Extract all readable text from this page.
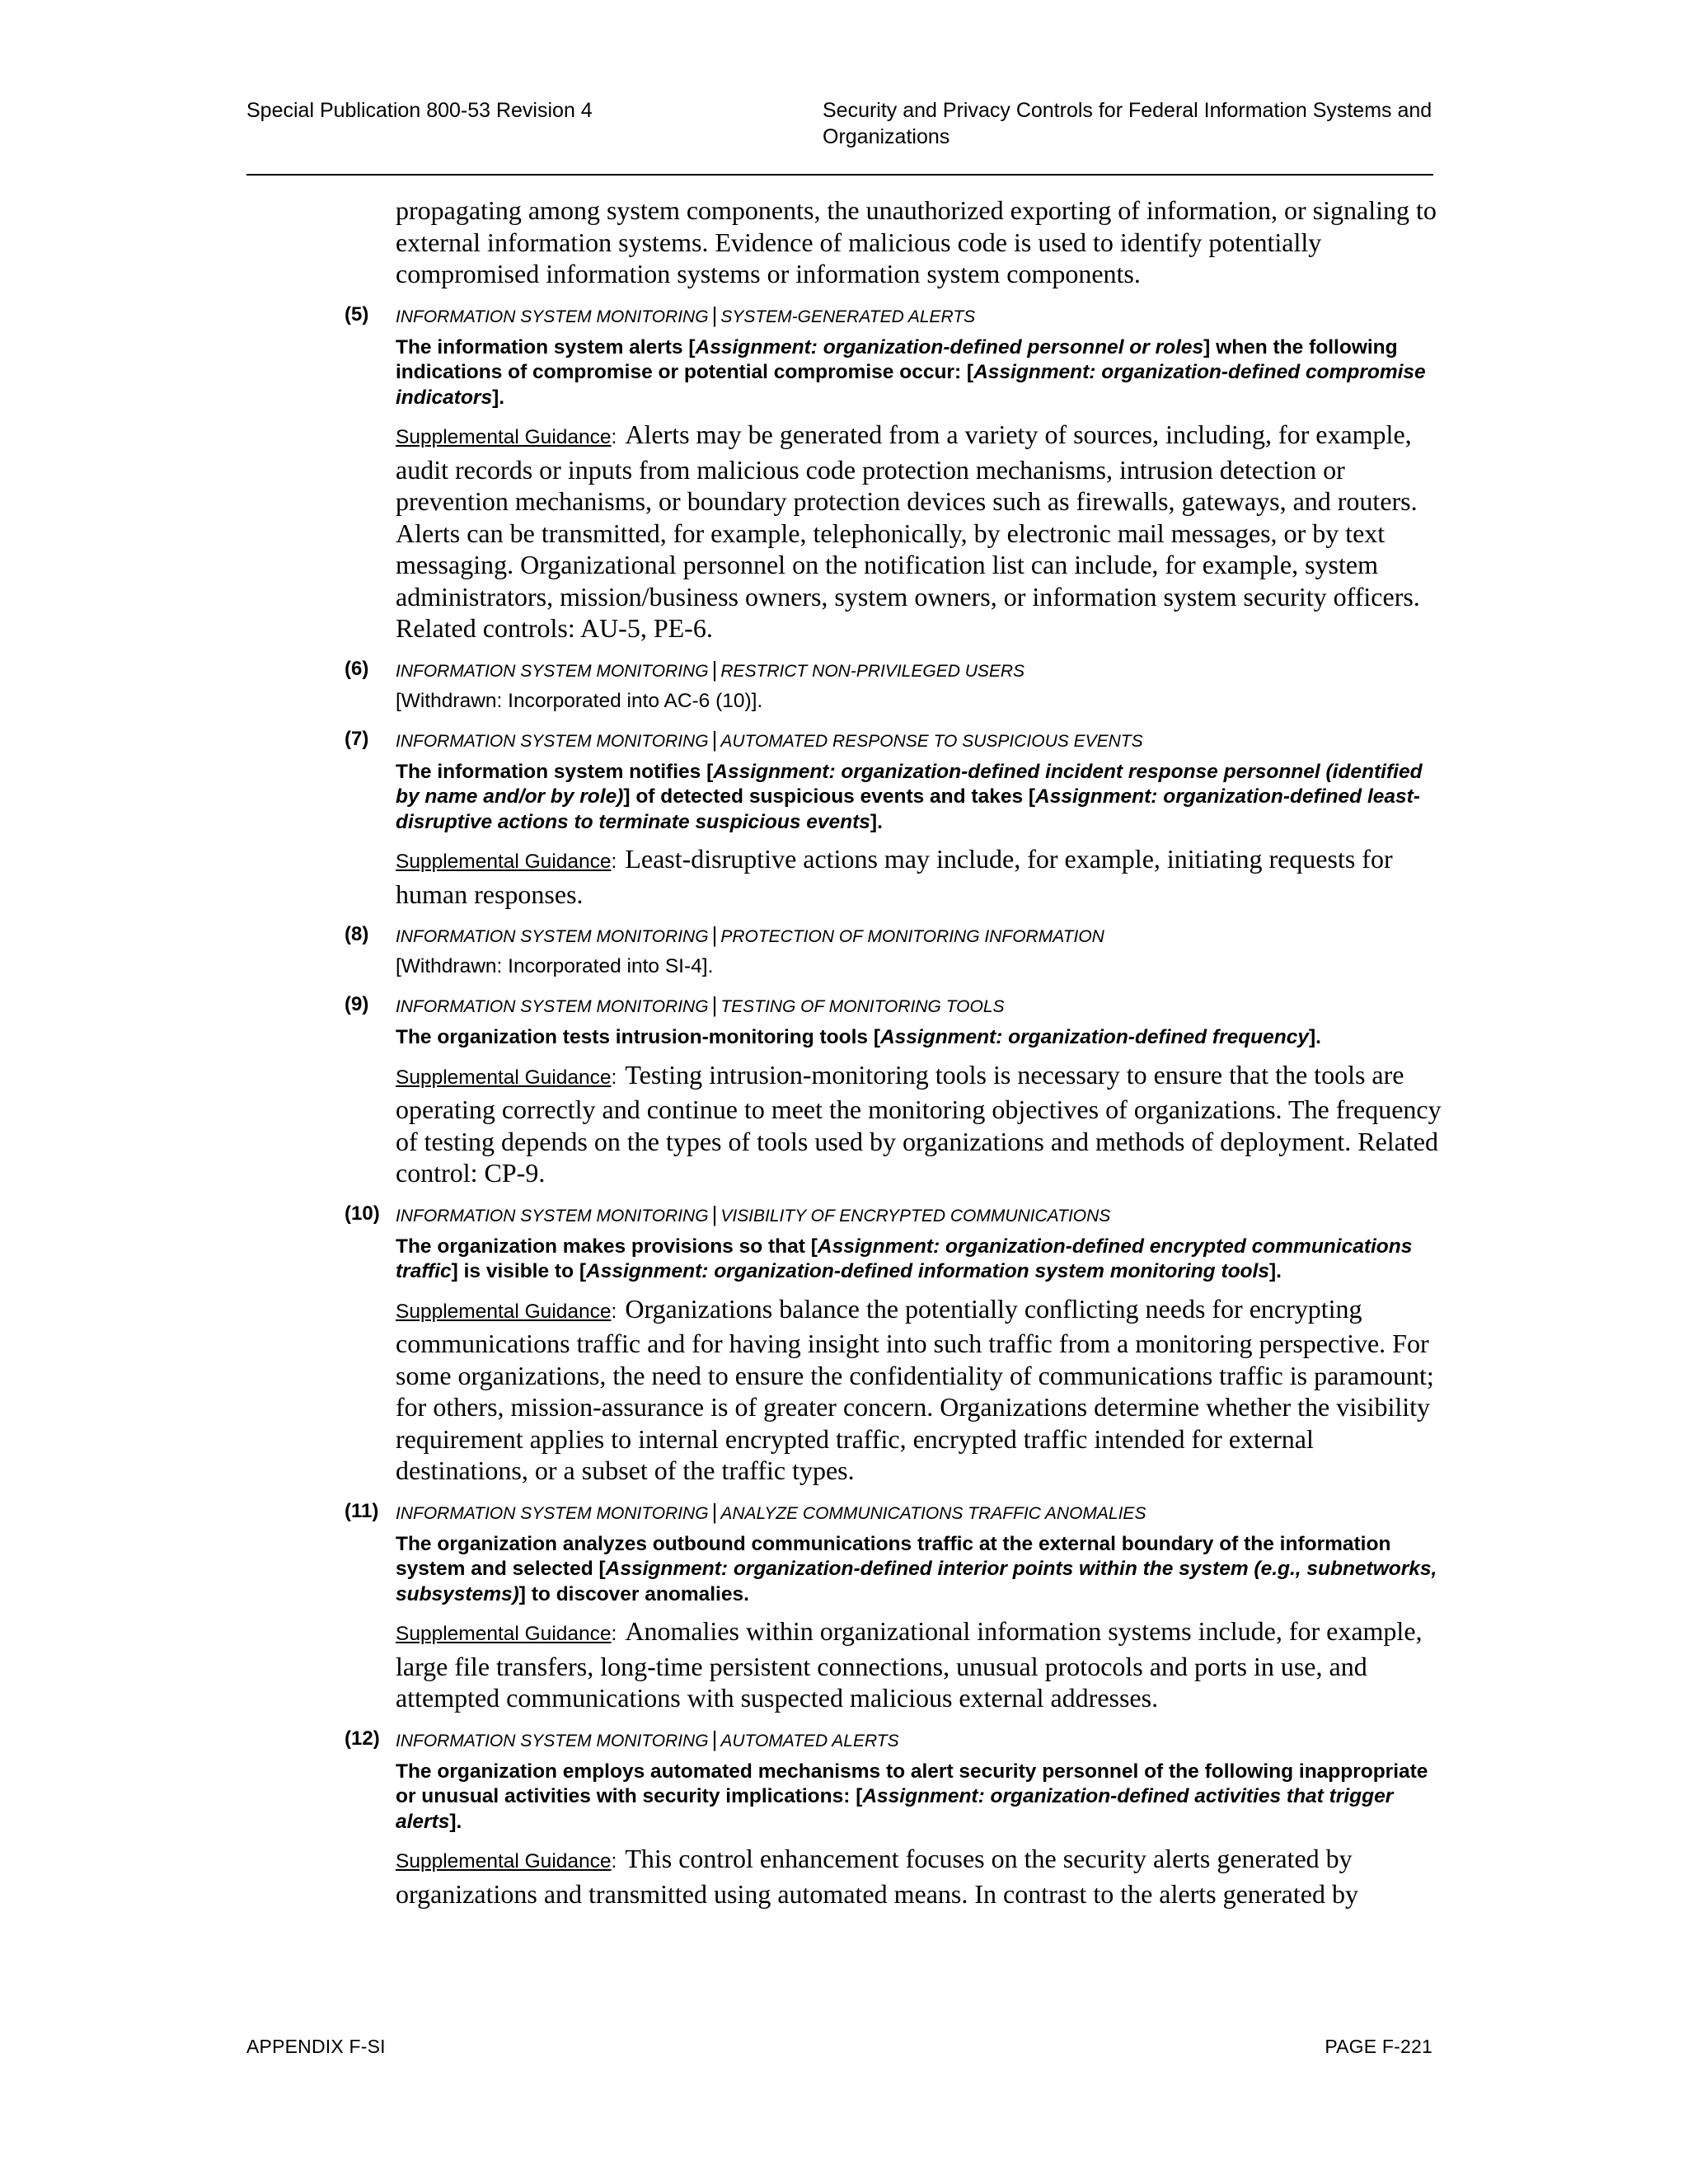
Special Publication 800-53 Revision 4	Security and Privacy Controls for Federal Information Systems and Organizations

propagating among system components, the unauthorized exporting of information, or signaling to external information systems. Evidence of malicious code is used to identify potentially compromised information systems or information system components.

(5) INFORMATION SYSTEM MONITORING | SYSTEM-GENERATED ALERTS
The information system alerts [Assignment: organization-defined personnel or roles] when the following indications of compromise or potential compromise occur: [Assignment: organization-defined compromise indicators].
Supplemental Guidance: Alerts may be generated from a variety of sources, including, for example, audit records or inputs from malicious code protection mechanisms, intrusion detection or prevention mechanisms, or boundary protection devices such as firewalls, gateways, and routers. Alerts can be transmitted, for example, telephonically, by electronic mail messages, or by text messaging. Organizational personnel on the notification list can include, for example, system administrators, mission/business owners, system owners, or information system security officers. Related controls: AU-5, PE-6.
(6) INFORMATION SYSTEM MONITORING | RESTRICT NON-PRIVILEGED USERS
[Withdrawn: Incorporated into AC-6 (10)].
(7) INFORMATION SYSTEM MONITORING | AUTOMATED RESPONSE TO SUSPICIOUS EVENTS
The information system notifies [Assignment: organization-defined incident response personnel (identified by name and/or by role)] of detected suspicious events and takes [Assignment: organization-defined least-disruptive actions to terminate suspicious events].
Supplemental Guidance: Least-disruptive actions may include, for example, initiating requests for human responses.
(8) INFORMATION SYSTEM MONITORING | PROTECTION OF MONITORING INFORMATION
[Withdrawn: Incorporated into SI-4].
(9) INFORMATION SYSTEM MONITORING | TESTING OF MONITORING TOOLS
The organization tests intrusion-monitoring tools [Assignment: organization-defined frequency].
Supplemental Guidance: Testing intrusion-monitoring tools is necessary to ensure that the tools are operating correctly and continue to meet the monitoring objectives of organizations. The frequency of testing depends on the types of tools used by organizations and methods of deployment. Related control: CP-9.
(10) INFORMATION SYSTEM MONITORING | VISIBILITY OF ENCRYPTED COMMUNICATIONS
The organization makes provisions so that [Assignment: organization-defined encrypted communications traffic] is visible to [Assignment: organization-defined information system monitoring tools].
Supplemental Guidance: Organizations balance the potentially conflicting needs for encrypting communications traffic and for having insight into such traffic from a monitoring perspective. For some organizations, the need to ensure the confidentiality of communications traffic is paramount; for others, mission-assurance is of greater concern. Organizations determine whether the visibility requirement applies to internal encrypted traffic, encrypted traffic intended for external destinations, or a subset of the traffic types.
(11) INFORMATION SYSTEM MONITORING | ANALYZE COMMUNICATIONS TRAFFIC ANOMALIES
The organization analyzes outbound communications traffic at the external boundary of the information system and selected [Assignment: organization-defined interior points within the system (e.g., subnetworks, subsystems)] to discover anomalies.
Supplemental Guidance: Anomalies within organizational information systems include, for example, large file transfers, long-time persistent connections, unusual protocols and ports in use, and attempted communications with suspected malicious external addresses.
(12) INFORMATION SYSTEM MONITORING | AUTOMATED ALERTS
The organization employs automated mechanisms to alert security personnel of the following inappropriate or unusual activities with security implications: [Assignment: organization-defined activities that trigger alerts].
Supplemental Guidance: This control enhancement focuses on the security alerts generated by organizations and transmitted using automated means. In contrast to the alerts generated by
APPENDIX F-SI	PAGE F-221
